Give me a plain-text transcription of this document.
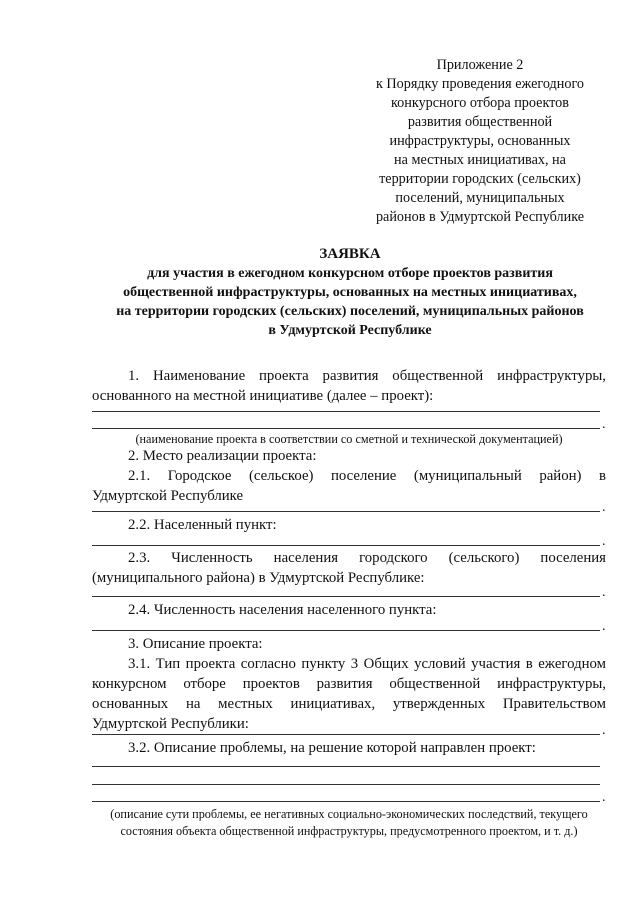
Приложение 2
к Порядку проведения ежегодного
конкурсного отбора проектов
развития общественной
инфраструктуры, основанных
на местных инициативах, на
территории городских (сельских)
поселений, муниципальных
районов в Удмуртской Республике
ЗАЯВКА
для участия в ежегодном конкурсном отборе проектов развития
общественной инфраструктуры, основанных на местных инициативах,
на территории городских (сельских) поселений, муниципальных районов
в Удмуртской Республике
1. Наименование проекта развития общественной инфраструктуры,
основанного на местной инициативе (далее – проект):
.
(наименование проекта в соответствии со сметной и технической документацией)
2. Место реализации проекта:
2.1. Городское (сельское) поселение (муниципальный район) в
Удмуртской Республике
.
2.2. Населенный пункт:
.
2.3. Численность населения городского (сельского) поселения
(муниципального района) в Удмуртской Республике:
.
2.4. Численность населения населенного пункта:
.
3. Описание проекта:
3.1. Тип проекта согласно пункту 3 Общих условий участия в ежегодном
конкурсном отборе проектов развития общественной инфраструктуры,
основанных на местных инициативах, утвержденных Правительством
Удмуртской Республики:	.
3.2. Описание проблемы, на решение которой направлен проект:
.
(описание сути проблемы, ее негативных социально-экономических последствий, текущего
состояния объекта общественной инфраструктуры, предусмотренного проектом, и т. д.)
